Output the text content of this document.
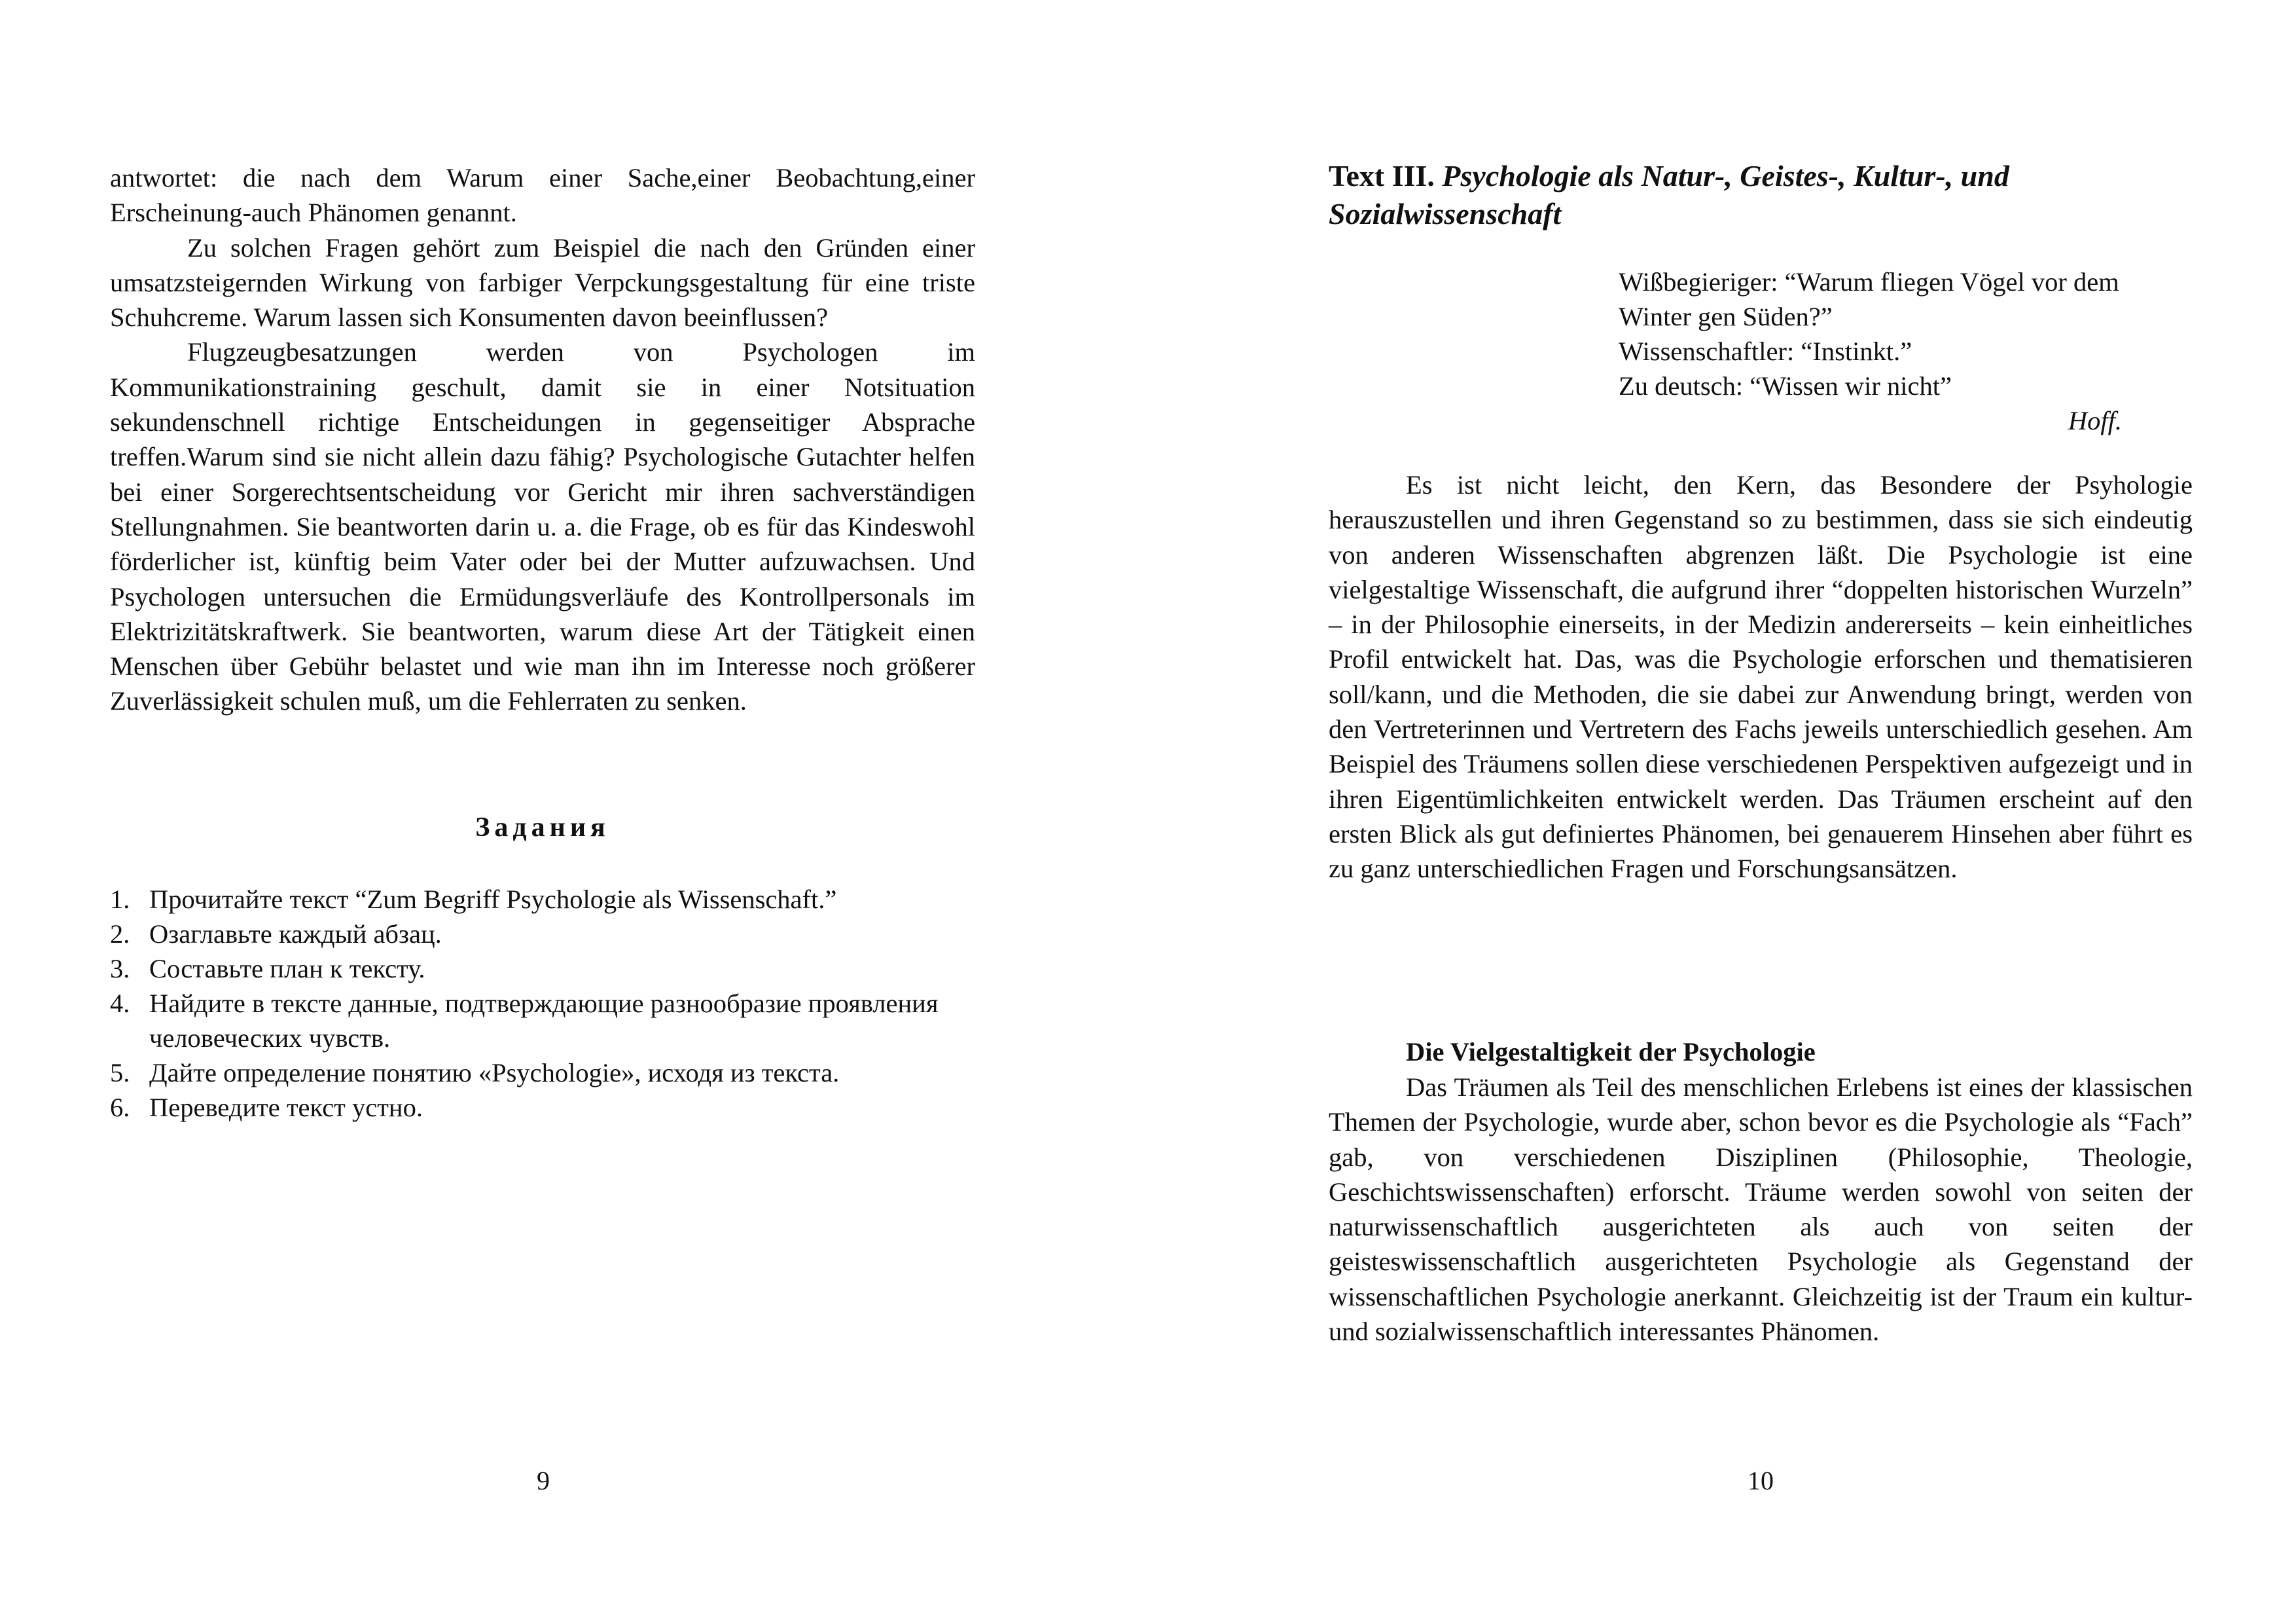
antwortet: die nach dem Warum einer Sache,einer Beobachtung,einer Erscheinung-auch Phänomen genannt.

Zu solchen Fragen gehört zum Beispiel die nach den Gründen einer umsatzsteigernden Wirkung von farbiger Verpckungsgestaltung für eine triste Schuhcreme. Warum lassen sich Konsumenten davon beeinflussen?

Flugzeugbesatzungen werden von Psychologen im Kommunikationstraining geschult, damit sie in einer Notsituation sekundenschnell richtige Entscheidungen in gegenseitiger Absprache treffen.Warum sind sie nicht allein dazu fähig? Psychologische Gutachter helfen bei einer Sorgerechtsentscheidung vor Gericht mir ihren sachverständigen Stellungnahmen. Sie beantworten darin u. a. die Frage, ob es für das Kindeswohl förderlicher ist, künftig beim Vater oder bei der Mutter aufzuwachsen. Und Psychologen untersuchen die Ermüdungsverläufe des Kontrollpersonals im Elektrizitätskraftwerk. Sie beantworten, warum diese Art der Tätigkeit einen Menschen über Gebühr belastet und wie man ihn im Interesse noch größerer Zuverlässigkeit schulen muß, um die Fehlerraten zu senken.

Задания
1. Прочитайте текст “Zum Begriff Psychologie als Wissenschaft.”
2. Озаглавьте каждый абзац.
3. Составьте план к тексту.
4. Найдите в тексте данные, подтверждающие разнообразие проявления человеческих чувств.
5. Дайте определение понятию «Psychologie», исходя из текста.
6. Переведите текст устно.
9
Text III. Psychologie als Natur-, Geistes-, Kultur-, und Sozialwissenschaft
Wißbegieriger: “Warum fliegen Vögel vor dem Winter gen Süden?”
Wissenschaftler: “Instinkt.”
Zu deutsch: “Wissen wir nicht”
Hoff.

Es ist nicht leicht, den Kern, das Besondere der Psyhologie herauszustellen und ihren Gegenstand so zu bestimmen, dass sie sich eindeutig von anderen Wissenschaften abgrenzen läßt. Die Psychologie ist eine vielgestaltige Wissenschaft, die aufgrund ihrer “doppelten historischen Wurzeln” – in der Philosophie einerseits, in der Medizin andererseits – kein einheitliches Profil entwickelt hat. Das, was die Psychologie erforschen und thematisieren soll/kann, und die Methoden, die sie dabei zur Anwendung bringt, werden von den Vertreterinnen und Vertretern des Fachs jeweils unterschiedlich gesehen. Am Beispiel des Träumens sollen diese verschiedenen Perspektiven aufgezeigt und in ihren Eigentümlichkeiten entwickelt werden. Das Träumen erscheint auf den ersten Blick als gut definiertes Phänomen, bei genauerem Hinsehen aber führt es zu ganz unterschiedlichen Fragen und Forschungsansätzen.

Die Vielgestaltigkeit der Psychologie

Das Träumen als Teil des menschlichen Erlebens ist eines der klassischen Themen der Psychologie, wurde aber, schon bevor es die Psychologie als “Fach” gab, von verschiedenen Disziplinen (Philosophie, Theologie, Geschichtswissenschaften) erforscht. Träume werden sowohl von seiten der naturwissenschaftlich ausgerichteten als auch von seiten der geisteswissenschaftlich ausgerichteten Psychologie als Gegenstand der wissenschaftlichen Psychologie anerkannt. Gleichzeitig ist der Traum ein kultur- und sozialwissenschaftlich interessantes Phänomen.

10
